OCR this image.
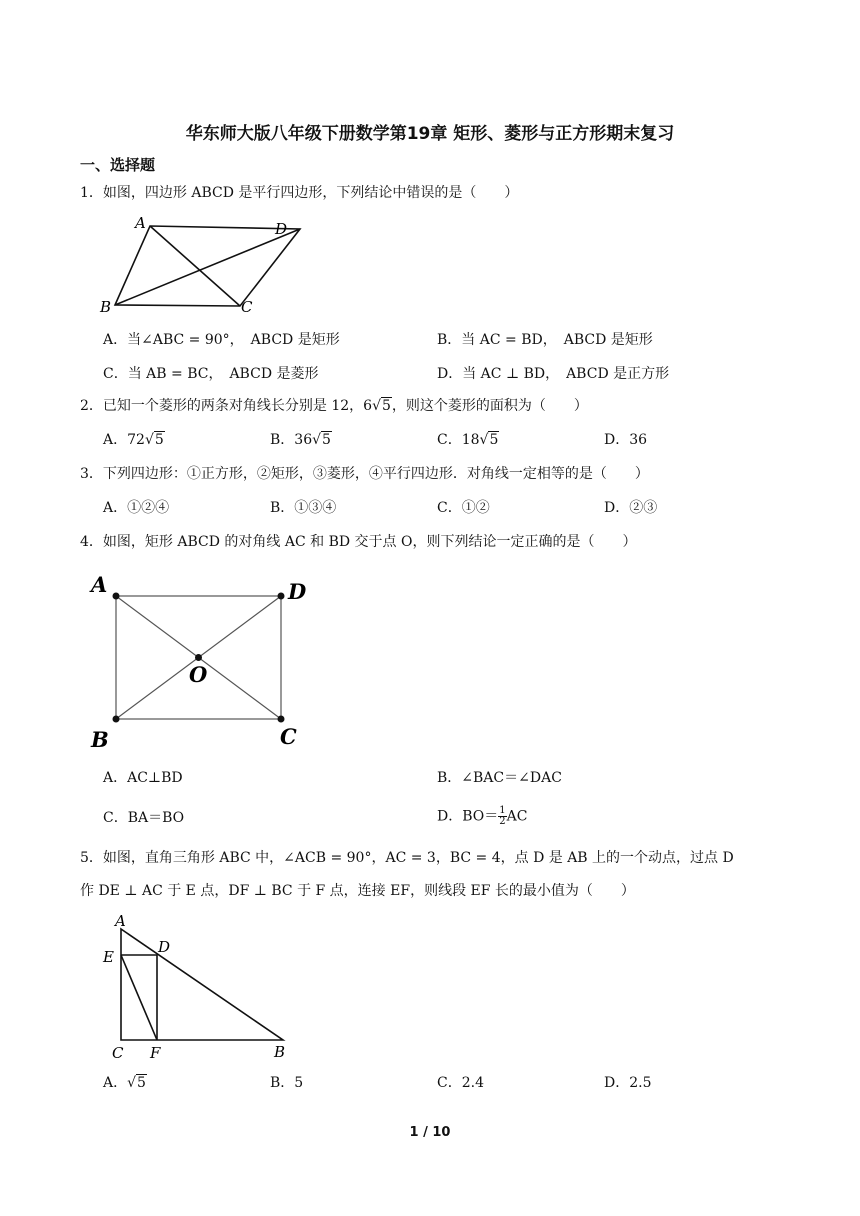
华东师大版八年级下册数学第19章 矩形、菱形与正方形期末复习
一、选择题
1．如图，四边形 ABCD 是平行四边形，下列结论中错误的是（　　）
A	D
B	C
A．当∠ABC = 90°，　ABCD 是矩形	B．当 AC = BD，　ABCD 是矩形
C．当 AB = BC，　ABCD 是菱形	D．当 AC ⊥ BD，　ABCD 是正方形
2．已知一个菱形的两条对角线长分别是 12，6√5，则这个菱形的面积为（　　）
A．72√5	B．36√5	C．18√5	D．36
3．下列四边形：①正方形，②矩形，③菱形，④平行四边形．对角线一定相等的是（　　）
A．①②④	B．①③④	C．①②	D．②③
4．如图，矩形 ABCD 的对角线 AC 和 BD 交于点 O，则下列结论一定正确的是（　　）
A	D
O
B	C
A．AC⊥BD	B．∠BAC＝∠DAC
C．BA＝BO	D．$BO= \frac{1}{2}$ AC
5．如图，直角三角形 ABC 中，∠ACB = 90°，AC = 3，BC = 4，点 D 是 AB 上的一个动点，过点 D
作 DE ⊥ AC 于 E 点，DF ⊥ BC 于 F 点，连接 EF，则线段 EF 长的最小值为（　　）
A
E
D
C F	B
A．√5	B．5	C．2.4	D．2.5
1 / 10
